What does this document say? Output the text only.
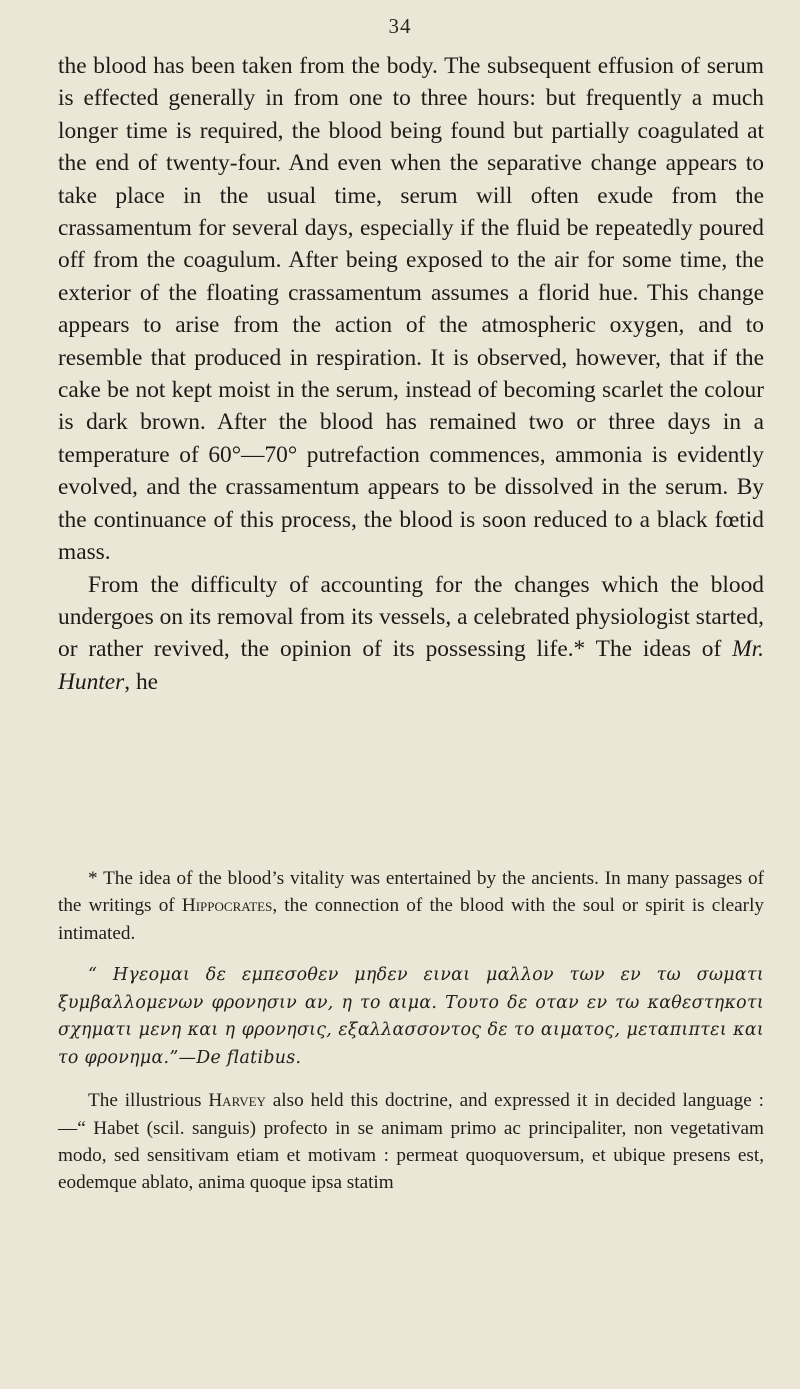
34

the blood has been taken from the body. The subsequent effusion of serum is effected generally in from one to three hours: but frequently a much longer time is required, the blood being found but partially coagulated at the end of twenty-four. And even when the separative change appears to take place in the usual time, serum will often exude from the crassamentum for several days, especially if the fluid be repeatedly poured off from the coagulum. After being exposed to the air for some time, the exterior of the floating crassamentum assumes a florid hue. This change appears to arise from the action of the atmospheric oxygen, and to resemble that produced in respiration. It is observed, however, that if the cake be not kept moist in the serum, instead of becoming scarlet the colour is dark brown. After the blood has remained two or three days in a temperature of 60°—70° putrefaction commences, ammonia is evidently evolved, and the crassamentum appears to be dissolved in the serum. By the continuance of this process, the blood is soon reduced to a black fœtid mass.

From the difficulty of accounting for the changes which the blood undergoes on its removal from its vessels, a celebrated physiologist started, or rather revived, the opinion of its possessing life.* The ideas of Mr. Hunter, he

* The idea of the blood’s vitality was entertained by the ancients. In many passages of the writings of Hippocrates, the connection of the blood with the soul or spirit is clearly intimated.

“ Ηγεομαι δε εμπεσοθεν μηδεν ειναι μαλλον των εν τω σωματι ξυμβαλλομενων φρονησιν αν, η το αιμα. Τουτο δε οταν εν τω καθεστηκοτι σχηματι μενη και η φρονησις, εξαλλασσοντος δε το αιματος, μεταπιπτει και το φρονημα.”—De flatibus.

The illustrious Harvey also held this doctrine, and expressed it in decided language :—“ Habet (scil. sanguis) profecto in se animam primo ac principaliter, non vegetativam modo, sed sensitivam etiam et motivam : permeat quoquoversum, et ubique presens est, eodemque ablato, anima quoque ipsa statim
